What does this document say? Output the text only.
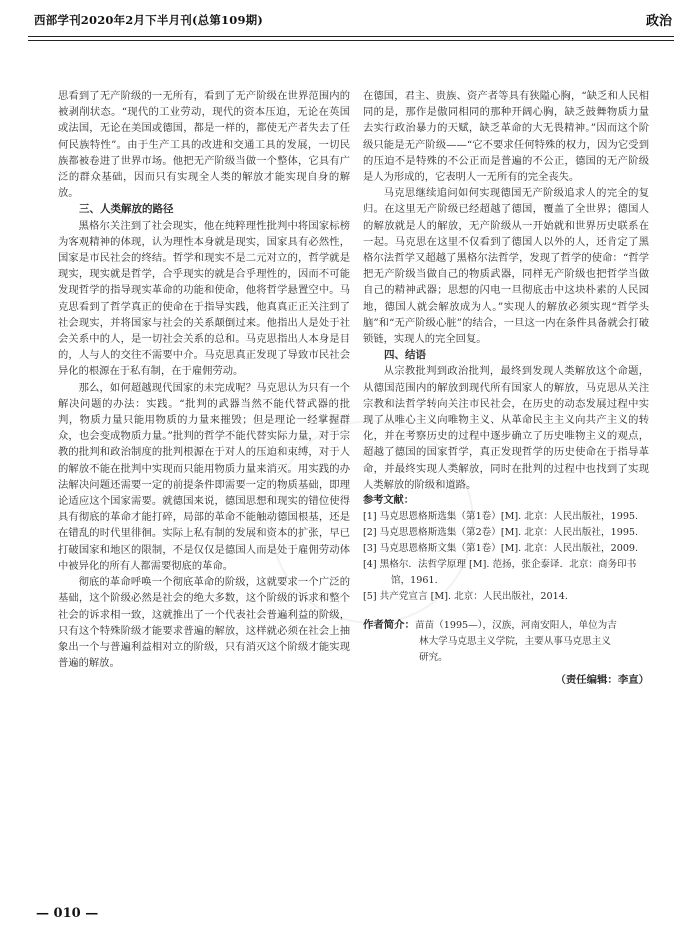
西部学刊2020年2月下半月刊(总第109期)	政治

思看到了无产阶级的一无所有，看到了无产阶级在世界范围内的被剥削状态。“现代的工业劳动，现代的资本压迫，无论在英国或法国，无论在美国或德国，都是一样的，都使无产者失去了任何民族特性”。由于生产工具的改进和交通工具的发展，一切民族都被卷进了世界市场。他把无产阶级当做一个整体，它具有广泛的群众基础，因而只有实现全人类的解放才能实现自身的解放。

三、人类解放的路径

黑格尔关注到了社会现实，他在纯粹理性批判中将国家标榜为客观精神的体现，认为理性本身就是现实，国家具有必然性，国家是市民社会的终结。哲学和现实不是二元对立的，哲学就是现实，现实就是哲学，合乎现实的就是合乎理性的，因而不可能发现哲学的指导现实革命的功能和使命，他将哲学悬置空中。马克思看到了哲学真正的使命在于指导实践，他真真正正关注到了社会现实，并将国家与社会的关系颠倒过来。他指出人是处于社会关系中的人，是一切社会关系的总和。马克思指出人本身是目的，人与人的交往不需要中介。马克思真正发现了导致市民社会异化的根源在于私有制，在于雇佣劳动。

那么，如何超越现代国家的未完成呢？马克思认为只有一个解决问题的办法：实践。“批判的武器当然不能代替武器的批判，物质力量只能用物质的力量来摧毁；但是理论一经掌握群众，也会变成物质力量。”批判的哲学不能代替实际力量，对于宗教的批判和政治制度的批判根源在于对人的压迫和束缚，对于人的解放不能在批判中实现而只能用物质力量来消灭。用实践的办法解决问题还需要一定的前提条件即需要一定的物质基础，即理论适应这个国家需要。就德国来说，德国思想和现实的错位使得具有彻底的革命才能打碎，局部的革命不能触动德国根基，还是在错乱的时代里徘徊。实际上私有制的发展和资本的扩张，早已打破国家和地区的限制，不是仅仅是德国人而是处于雇佣劳动体中被异化的所有人都需要彻底的革命。

彻底的革命呼唤一个彻底革命的阶级，这就要求一个广泛的基础，这个阶级必然是社会的绝大多数，这个阶级的诉求和整个社会的诉求相一致，这就推出了一个代表社会普遍利益的阶级，只有这个特殊阶级才能要求普遍的解放，这样就必须在社会上抽象出一个与普遍利益相对立的阶级，只有消灭这个阶级才能实现普遍的解放。

在德国，君主、贵族、资产者等具有狭隘心胸，“缺乏和人民相同的是，那作是傲同相同的那种开阔心胸，缺乏鼓舞物质力量去实行政治暴力的天赋，缺乏革命的大无畏精神。”因而这个阶级只能是无产阶级——“它不要求任何特殊的权力，因为它受到的压迫不是特殊的不公正而是普遍的不公正，德国的无产阶级是人为形成的，它表明人一无所有的完全丧失。

马克思继续追问如何实现德国无产阶级追求人的完全的复归。在这里无产阶级已经超越了德国，覆盖了全世界；德国人的解放就是人的解放，无产阶级从一开始就和世界历史联系在一起。马克思在这里不仅看到了德国人以外的人，还肯定了黑格尔法哲学又超越了黑格尔法哲学，发现了哲学的使命：“哲学把无产阶级当做自己的物质武器，同样无产阶级也把哲学当做自己的精神武器；思想的闪电一旦彻底击中这块朴素的人民园地，德国人就会解放成为人。”实现人的解放必须实现“哲学头脑”和“无产阶级心脏”的结合，一旦这一内在条件具备就会打破锁链，实现人的完全回复。

四、结语

从宗教批判到政治批判，最终到发现人类解放这个命题，从德国范围内的解放到现代所有国家人的解放，马克思从关注宗教和法哲学转向关注市民社会，在历史的动态发展过程中实现了从唯心主义向唯物主义、从革命民主主义向共产主义的转化，并在考察历史的过程中逐步确立了历史唯物主义的观点，超越了德国的国家哲学，真正发现哲学的历史使命在于指导革命，并最终实现人类解放，同时在批判的过程中也找到了实现人类解放的阶级和道路。

参考文献：

[1] 马克思恩格斯选集（第1卷）[M]. 北京：人民出版社，1995.

[2] 马克思恩格斯选集（第2卷）[M]. 北京：人民出版社，1995.

[3] 马克思恩格斯文集（第1卷）[M]. 北京：人民出版社，2009.

[4] 黑格尔．法哲学原理 [M]. 范扬，张企泰译．北京：商务印书

馆，1961.

[5] 共产党宣言 [M]. 北京：人民出版社，2014.

作者简介：苗苗（1995—），汉族，河南安阳人，单位为吉
林大学马克思主义学院，主要从事马克思主义
研究。
（责任编辑：李直）
— 010 —
